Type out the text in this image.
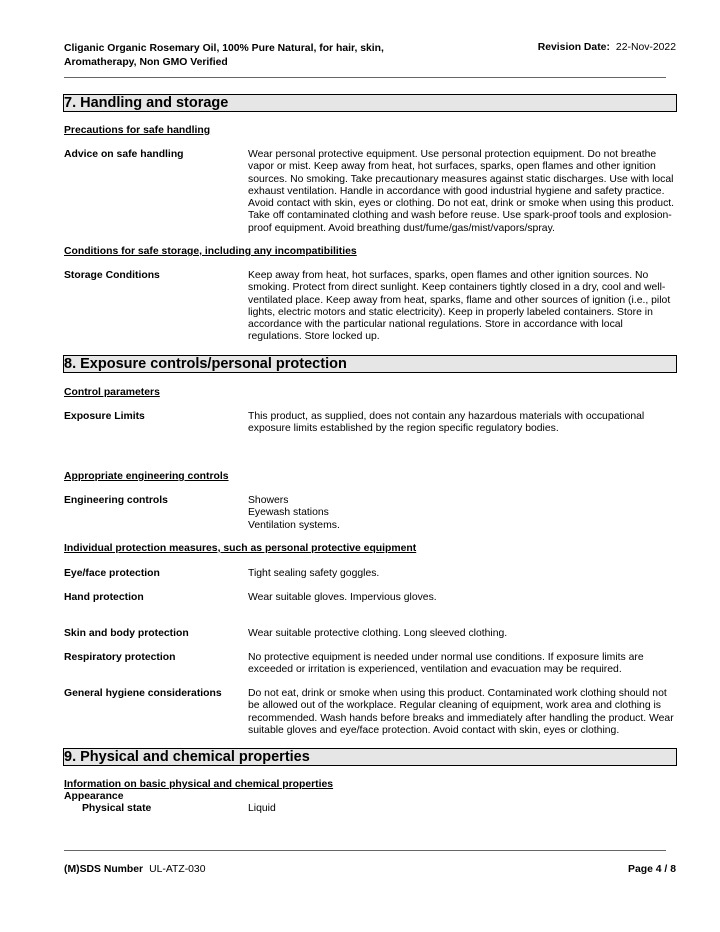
Cliganic Organic Rosemary Oil, 100% Pure Natural, for hair, skin, Aromatherapy, Non GMO Verified
Revision Date: 22-Nov-2022
7. Handling and storage
Precautions for safe handling
Advice on safe handling	Wear personal protective equipment. Use personal protection equipment. Do not breathe vapor or mist. Keep away from heat, hot surfaces, sparks, open flames and other ignition sources. No smoking. Take precautionary measures against static discharges. Use with local exhaust ventilation. Handle in accordance with good industrial hygiene and safety practice. Avoid contact with skin, eyes or clothing. Do not eat, drink or smoke when using this product. Take off contaminated clothing and wash before reuse. Use spark-proof tools and explosion-proof equipment. Avoid breathing dust/fume/gas/mist/vapors/spray.
Conditions for safe storage, including any incompatibilities
Storage Conditions	Keep away from heat, hot surfaces, sparks, open flames and other ignition sources. No smoking. Protect from direct sunlight. Keep containers tightly closed in a dry, cool and well-ventilated place. Keep away from heat, sparks, flame and other sources of ignition (i.e., pilot lights, electric motors and static electricity). Keep in properly labeled containers. Store in accordance with the particular national regulations. Store in accordance with local regulations. Store locked up.
8. Exposure controls/personal protection
Control parameters
Exposure Limits	This product, as supplied, does not contain any hazardous materials with occupational exposure limits established by the region specific regulatory bodies.
Appropriate engineering controls
Engineering controls	Showers
Eyewash stations
Ventilation systems.
Individual protection measures, such as personal protective equipment
Eye/face protection	Tight sealing safety goggles.
Hand protection	Wear suitable gloves. Impervious gloves.
Skin and body protection	Wear suitable protective clothing. Long sleeved clothing.
Respiratory protection	No protective equipment is needed under normal use conditions. If exposure limits are exceeded or irritation is experienced, ventilation and evacuation may be required.
General hygiene considerations	Do not eat, drink or smoke when using this product. Contaminated work clothing should not be allowed out of the workplace. Regular cleaning of equipment, work area and clothing is recommended. Wash hands before breaks and immediately after handling the product. Wear suitable gloves and eye/face protection. Avoid contact with skin, eyes or clothing.
9. Physical and chemical properties
Information on basic physical and chemical properties
Appearance
Physical state	Liquid
(M)SDS Number UL-ATZ-030	Page 4 / 8
